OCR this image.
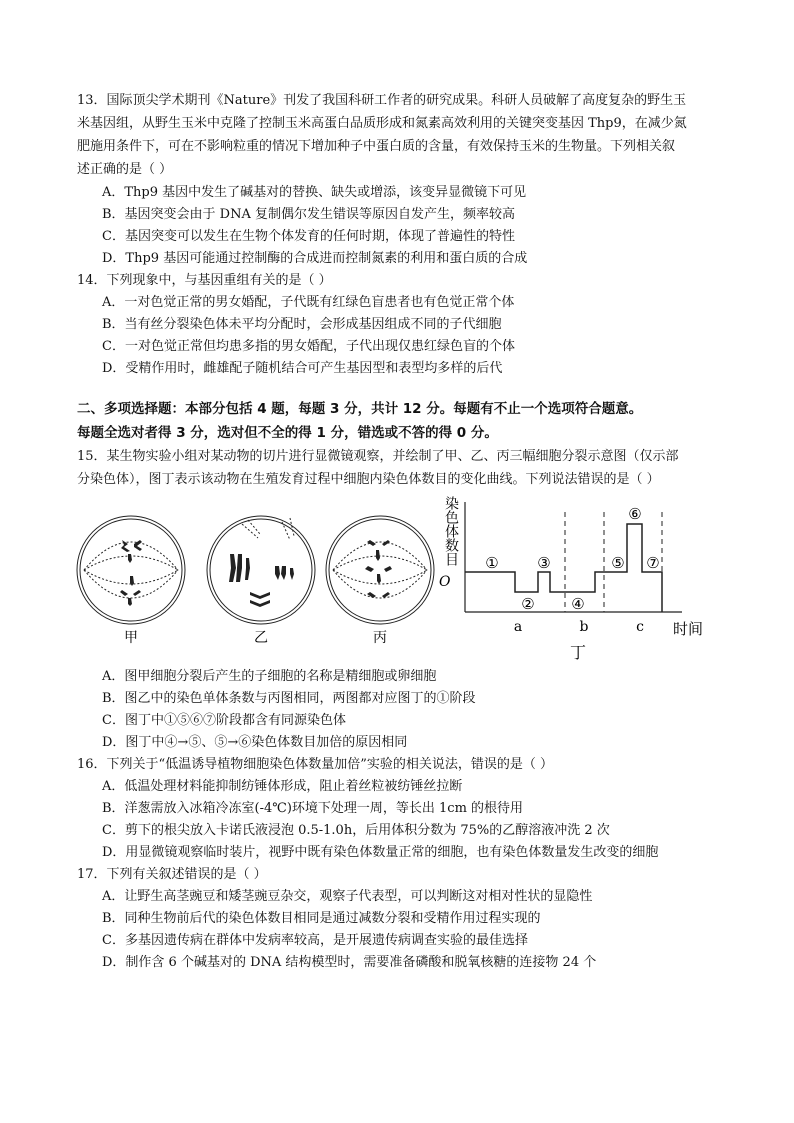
13．国际顶尖学术期刊《Nature》刊发了我国科研工作者的研究成果。科研人员破解了高度复杂的野生玉
米基因组，从野生玉米中克隆了控制玉米高蛋白品质形成和氮素高效利用的关键突变基因 Thp9，在减少氮
肥施用条件下，可在不影响粒重的情况下增加种子中蛋白质的含量，有效保持玉米的生物量。下列相关叙
述正确的是（ ）
A．Thp9 基因中发生了碱基对的替换、缺失或增添，该变异显微镜下可见
B．基因突变会由于 DNA 复制偶尔发生错误等原因自发产生，频率较高
C．基因突变可以发生在生物个体发育的任何时期，体现了普遍性的特性
D．Thp9 基因可能通过控制酶的合成进而控制氮素的利用和蛋白质的合成
14．下列现象中，与基因重组有关的是（ ）
A．一对色觉正常的男女婚配，子代既有红绿色盲患者也有色觉正常个体
B．当有丝分裂染色体未平均分配时，会形成基因组成不同的子代细胞
C．一对色觉正常但均患多指的男女婚配，子代出现仅患红绿色盲的个体
D．受精作用时，雌雄配子随机结合可产生基因型和表型均多样的后代
二、多项选择题：本部分包括 4 题，每题 3 分，共计 12 分。每题有不止一个选项符合题意。
每题全选对者得 3 分，选对但不全的得 1 分，错选或不答的得 0 分。
15．某生物实验小组对某动物的切片进行显微镜观察，并绘制了甲、乙、丙三幅细胞分裂示意图（仅示部
分染色体），图丁表示该动物在生殖发育过程中细胞内染色体数目的变化曲线。下列说法错误的是（ ）
甲	乙	丙
O
染色体数目
a	b	c 时间
丁
①
②
③
④
⑤
⑥
⑦
A．图甲细胞分裂后产生的子细胞的名称是精细胞或卵细胞
B．图乙中的染色单体条数与丙图相同，两图都对应图丁的①阶段
C．图丁中①⑤⑥⑦阶段都含有同源染色体
D．图丁中④→⑤、⑤→⑥染色体数目加倍的原因相同
16．下列关于“低温诱导植物细胞染色体数量加倍”实验的相关说法，错误的是（ ）
A．低温处理材料能抑制纺锤体形成，阻止着丝粒被纺锤丝拉断
B．洋葱需放入冰箱冷冻室(-4℃)环境下处理一周，等长出 1cm 的根待用
C．剪下的根尖放入卡诺氏液浸泡 0.5-1.0h，后用体积分数为 75%的乙醇溶液冲洗 2 次
D．用显微镜观察临时装片，视野中既有染色体数量正常的细胞，也有染色体数量发生改变的细胞
17．下列有关叙述错误的是（ ）
A．让野生高茎豌豆和矮茎豌豆杂交，观察子代表型，可以判断这对相对性状的显隐性
B．同种生物前后代的染色体数目相同是通过减数分裂和受精作用过程实现的
C．多基因遗传病在群体中发病率较高，是开展遗传病调查实验的最佳选择
D．制作含 6 个碱基对的 DNA 结构模型时，需要准备磷酸和脱氧核糖的连接物 24 个
